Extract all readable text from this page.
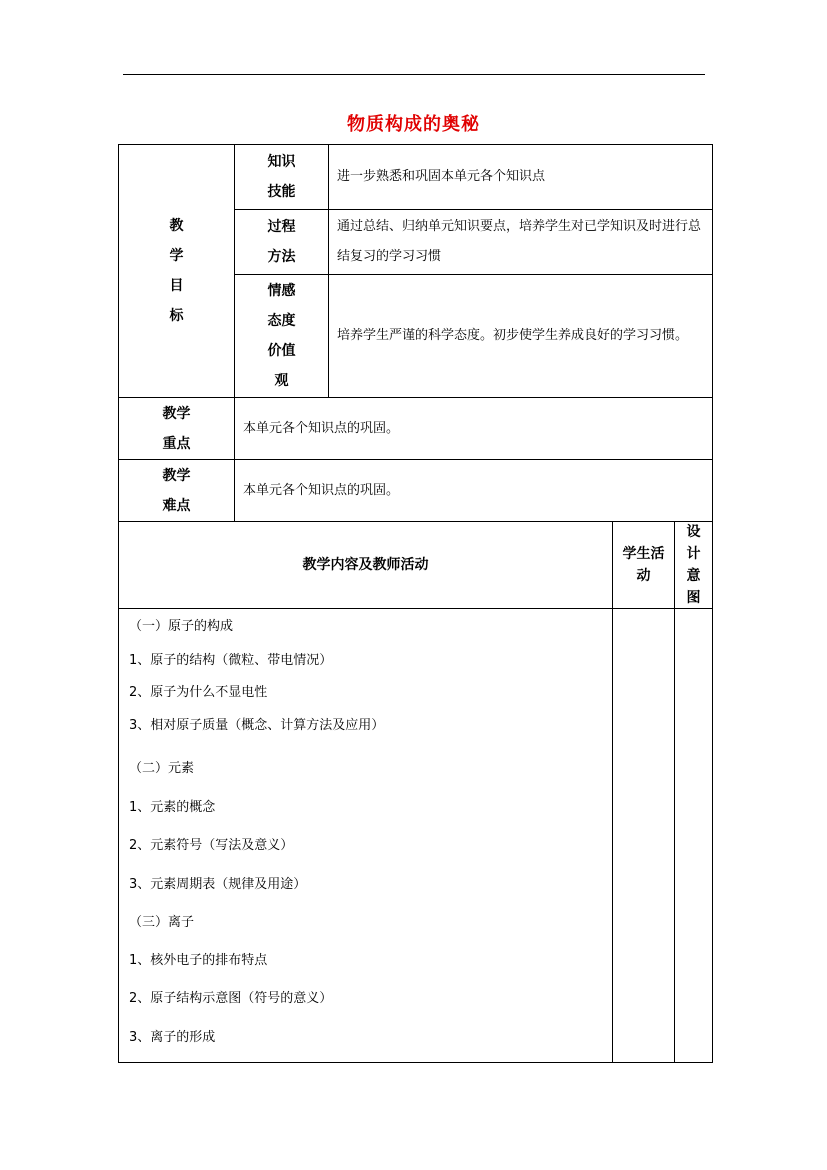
物质构成的奥秘
教
学
目
标
知识
技能
进一步熟悉和巩固本单元各个知识点
过程
方法
通过总结、归纳单元知识要点，培养学生对已学知识及时进行总结复习的学习习惯
情感
态度
价值
观
培养学生严谨的科学态度。初步使学生养成良好的学习习惯。
教学
重点
本单元各个知识点的巩固。
教学
难点
本单元各个知识点的巩固。
教学内容及教师活动
学生活
动
设
计
意
图
（一）原子的构成
1、原子的结构（微粒、带电情况）
2、原子为什么不显电性
3、相对原子质量（概念、计算方法及应用）
（二）元素
1、元素的概念
2、元素符号（写法及意义）
3、元素周期表（规律及用途）
（三）离子
1、核外电子的排布特点
2、原子结构示意图（符号的意义）
3、离子的形成
